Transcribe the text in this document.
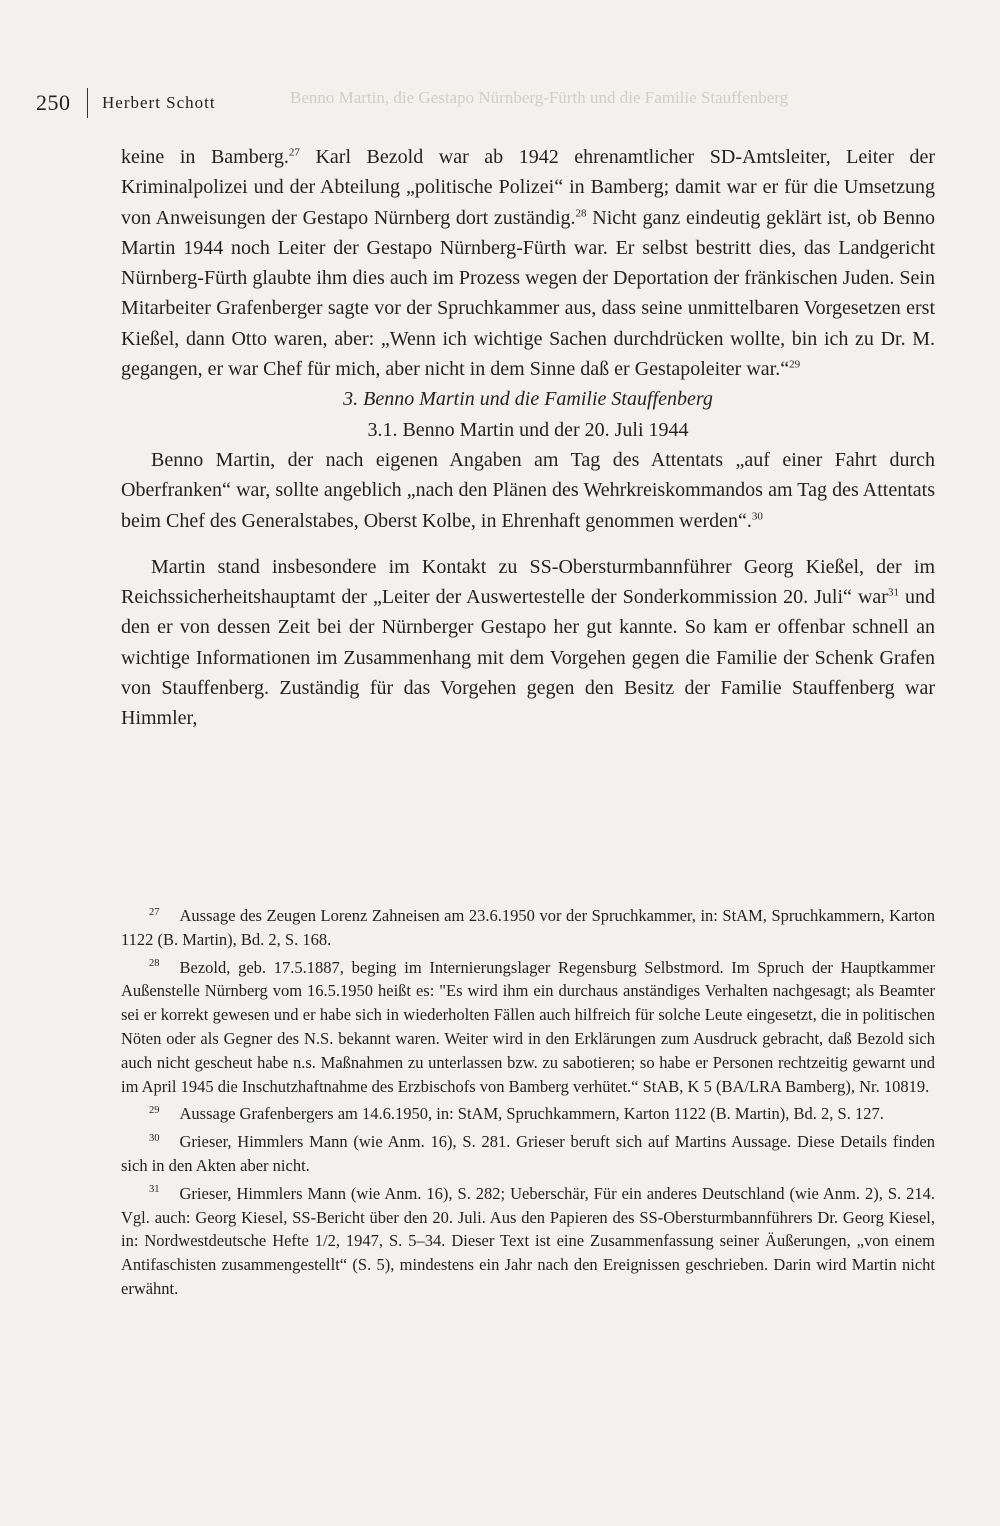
Benno Martin, die Gestapo Nürnberg-Fürth und die Familie Stauffenberg
250 Herbert Schott

keine in Bamberg.$^{27}$ Karl Bezold war ab 1942 ehrenamtlicher SD-Amtsleiter, Leiter der Kriminalpolizei und der Abteilung „politische Polizei“ in Bamberg; damit war er für die Umsetzung von Anweisungen der Gestapo Nürnberg dort zuständig.$^{28}$ Nicht ganz eindeutig geklärt ist, ob Benno Martin 1944 noch Leiter der Gestapo Nürnberg-Fürth war. Er selbst bestritt dies, das Landgericht Nürnberg-Fürth glaubte ihm dies auch im Prozess wegen der Deportation der fränkischen Juden. Sein Mitarbeiter Grafenberger sagte vor der Spruchkammer aus, dass seine unmittelbaren Vorgesetzen erst Kießel, dann Otto waren, aber: „Wenn ich wichtige Sachen durchdrücken wollte, bin ich zu Dr. M. gegangen, er war Chef für mich, aber nicht in dem Sinne daß er Gestapoleiter war.“$^{29}$

3. Benno Martin und die Familie Stauffenberg

3.1. Benno Martin und der 20. Juli 1944

Benno Martin, der nach eigenen Angaben am Tag des Attentats „auf einer Fahrt durch Oberfranken“ war, sollte angeblich „nach den Plänen des Wehrkreiskommandos am Tag des Attentats beim Chef des Generalstabes, Oberst Kolbe, in Ehrenhaft genommen werden“.$^{30}$

Martin stand insbesondere im Kontakt zu SS-Obersturmbannführer Georg Kießel, der im Reichssicherheitshauptamt der „Leiter der Auswertestelle der Sonderkommission 20. Juli“ war$^{31}$ und den er von dessen Zeit bei der Nürnberger Gestapo her gut kannte. So kam er offenbar schnell an wichtige Informationen im Zusammenhang mit dem Vorgehen gegen die Familie der Schenk Grafen von Stauffenberg. Zuständig für das Vorgehen gegen den Besitz der Familie Stauffenberg war Himmler,

$^{27}$ Aussage des Zeugen Lorenz Zahneisen am 23.6.1950 vor der Spruchkammer, in: StAM, Spruchkammern, Karton 1122 (B. Martin), Bd. 2, S. 168.

$^{28}$ Bezold, geb. 17.5.1887, beging im Internierungslager Regensburg Selbstmord. Im Spruch der Hauptkammer Außenstelle Nürnberg vom 16.5.1950 heißt es: "Es wird ihm ein durchaus anständiges Verhalten nachgesagt; als Beamter sei er korrekt gewesen und er habe sich in wiederholten Fällen auch hilfreich für solche Leute eingesetzt, die in politischen Nöten oder als Gegner des N.S. bekannt waren. Weiter wird in den Erklärungen zum Ausdruck gebracht, daß Bezold sich auch nicht gescheut habe n.s. Maßnahmen zu unterlassen bzw. zu sabotieren; so habe er Personen rechtzeitig gewarnt und im April 1945 die Inschutzhaftnahme des Erzbischofs von Bamberg verhütet.“ StAB, K 5 (BA/LRA Bamberg), Nr. 10819.

$^{29}$ Aussage Grafenbergers am 14.6.1950, in: StAM, Spruchkammern, Karton 1122 (B. Martin), Bd. 2, S. 127.

$^{30}$ Grieser, Himmlers Mann (wie Anm. 16), S. 281. Grieser beruft sich auf Martins Aussage. Diese Details finden sich in den Akten aber nicht.

$^{31}$ Grieser, Himmlers Mann (wie Anm. 16), S. 282; Ueberschär, Für ein anderes Deutschland (wie Anm. 2), S. 214. Vgl. auch: Georg Kiesel, SS-Bericht über den 20. Juli. Aus den Papieren des SS-Obersturmbannführers Dr. Georg Kiesel, in: Nordwestdeutsche Hefte 1/2, 1947, S. 5–34. Dieser Text ist eine Zusammenfassung seiner Äußerungen, „von einem Antifaschisten zusammengestellt“ (S. 5), mindestens ein Jahr nach den Ereignissen geschrieben. Darin wird Martin nicht erwähnt.
